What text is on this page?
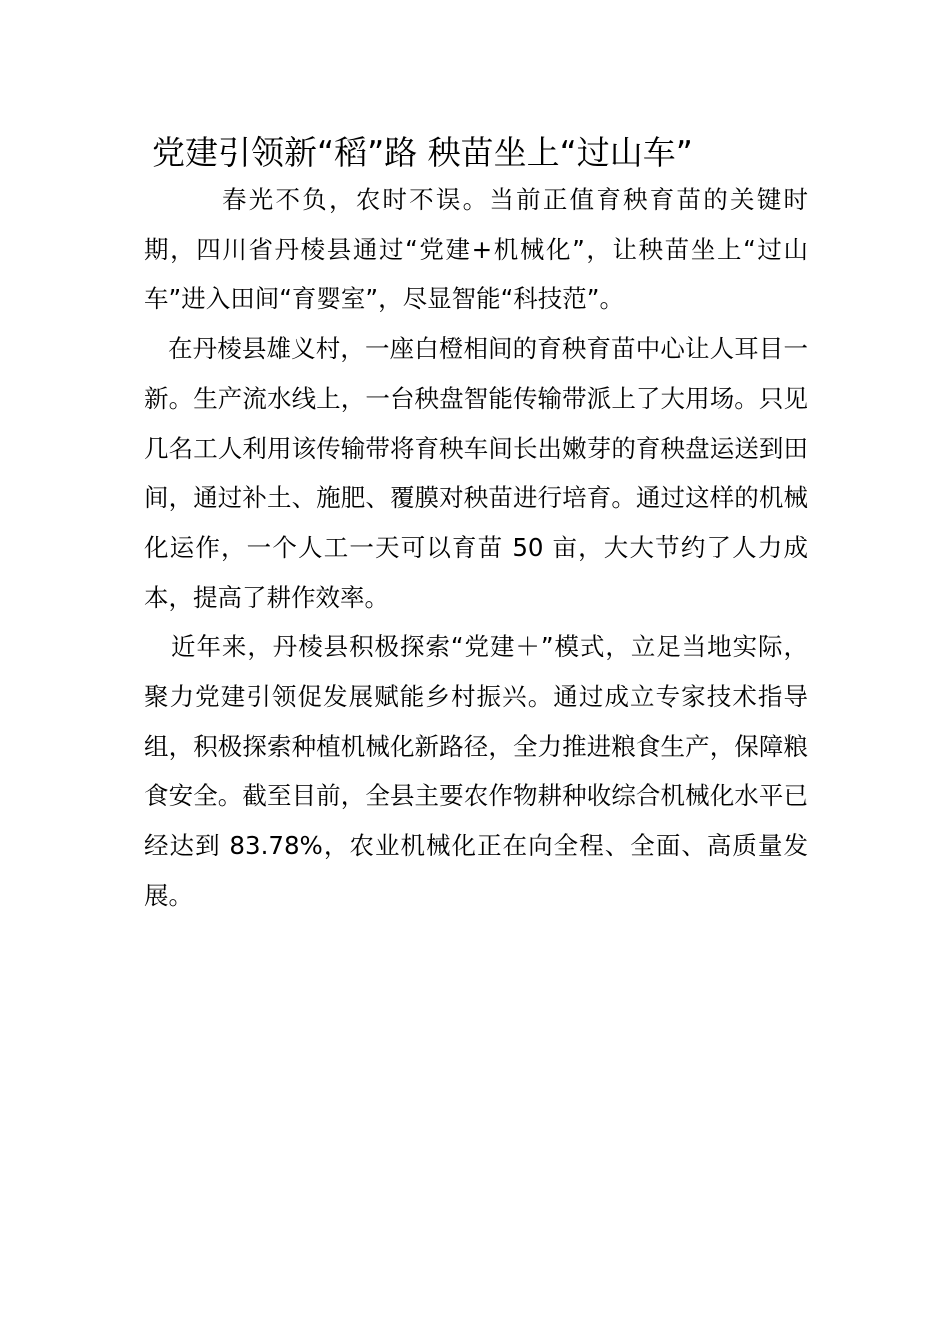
党建引领新“稻”路 秧苗坐上“过山车”

春光不负，农时不误。当前正值育秧育苗的关键时期，四川省丹棱县通过“党建+机械化”，让秧苗坐上“过山车”进入田间“育婴室”，尽显智能“科技范”。

在丹棱县雄义村，一座白橙相间的育秧育苗中心让人耳目一新。生产流水线上，一台秧盘智能传输带派上了大用场。只见几名工人利用该传输带将育秧车间长出嫩芽的育秧盘运送到田间，通过补土、施肥、覆膜对秧苗进行培育。通过这样的机械化运作，一个人工一天可以育苗 50 亩，大大节约了人力成本，提高了耕作效率。

近年来，丹棱县积极探索“党建＋”模式，立足当地实际，聚力党建引领促发展赋能乡村振兴。通过成立专家技术指导组，积极探索种植机械化新路径，全力推进粮食生产，保障粮食安全。截至目前，全县主要农作物耕种收综合机械化水平已经达到 83.78%，农业机械化正在向全程、全面、高质量发展。
